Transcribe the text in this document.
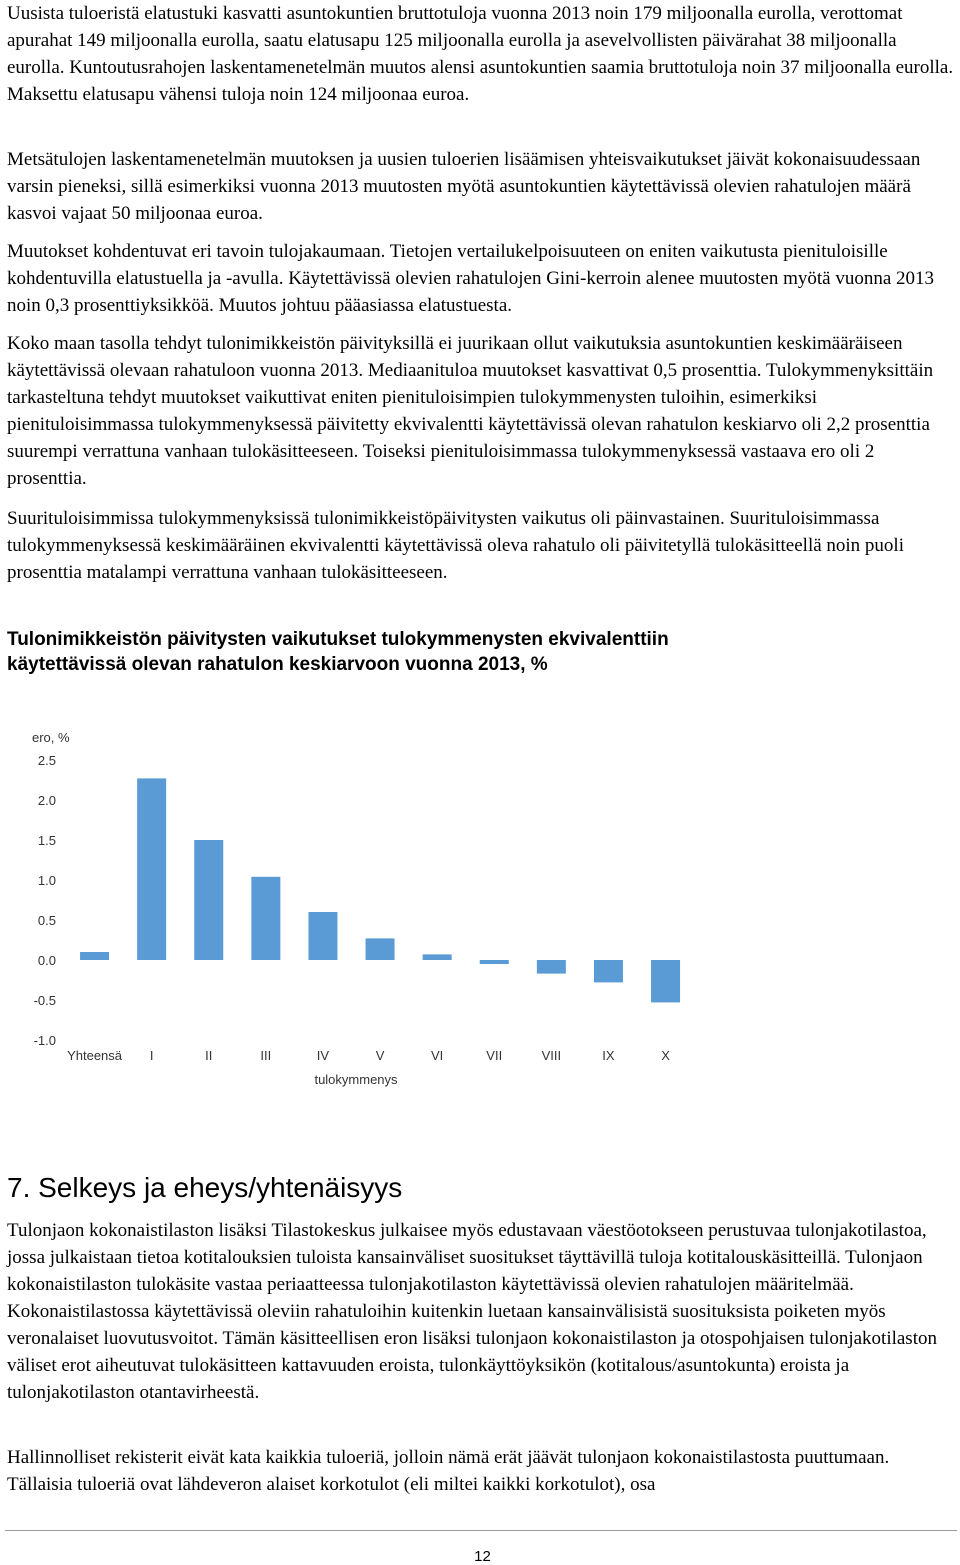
Uusista tuloeristä elatustuki kasvatti asuntokuntien bruttotuloja vuonna 2013 noin 179 miljoonalla eurolla, verottomat apurahat 149 miljoonalla eurolla, saatu elatusapu 125 miljoonalla eurolla ja asevelvollisten päivärahat 38 miljoonalla eurolla. Kuntoutusrahojen laskentamenetelmän muutos alensi asuntokuntien saamia bruttotuloja noin 37 miljoonalla eurolla. Maksettu elatusapu vähensi tuloja noin 124 miljoonaa euroa.

Metsätulojen laskentamenetelmän muutoksen ja uusien tuloerien lisäämisen yhteisvaikutukset jäivät kokonaisuudessaan varsin pieneksi, sillä esimerkiksi vuonna 2013 muutosten myötä asuntokuntien käytettävissä olevien rahatulojen määrä kasvoi vajaat 50 miljoonaa euroa.

Muutokset kohdentuvat eri tavoin tulojakaumaan. Tietojen vertailukelpoisuuteen on eniten vaikutusta pienituloisille kohdentuvilla elatustuella ja -avulla. Käytettävissä olevien rahatulojen Gini-kerroin alenee muutosten myötä vuonna 2013 noin 0,3 prosenttiyksikköä. Muutos johtuu pääasiassa elatustuesta.

Koko maan tasolla tehdyt tulonimikkeistön päivityksillä ei juurikaan ollut vaikutuksia asuntokuntien keskimääräiseen käytettävissä olevaan rahatuloon vuonna 2013. Mediaanituloa muutokset kasvattivat 0,5 prosenttia. Tulokymmenyksittäin tarkasteltuna tehdyt muutokset vaikuttivat eniten pienituloisimpien tulokymmenysten tuloihin, esimerkiksi pienituloisimmassa tulokymmenyksessä päivitetty ekvivalentti käytettävissä olevan rahatulon keskiarvo oli 2,2 prosenttia suurempi verrattuna vanhaan tulokäsitteeseen. Toiseksi pienituloisimmassa tulokymmenyksessä vastaava ero oli 2 prosenttia.

Suurituloisimmissa tulokymmenyksissä tulonimikkeistöpäivitysten vaikutus oli päinvastainen. Suurituloisimmassa tulokymmenyksessä keskimääräinen ekvivalentti käytettävissä oleva rahatulo oli päivitetyllä tulokäsitteellä noin puoli prosenttia matalampi verrattuna vanhaan tulokäsitteeseen.

Tulonimikkeistön päivitysten vaikutukset tulokymmenysten ekvivalenttiin käytettävissä olevan rahatulon keskiarvoon vuonna 2013, %
ero, %
2.5
2.0
1.5
1.0
0.5
0.0
-0.5
-1.0
Yhteensä I	II	III	IV	V	VI	VII	VIII	IX	X
tulokymmenys
7. Selkeys ja eheys/yhtenäisyys

Tulonjaon kokonaistilaston lisäksi Tilastokeskus julkaisee myös edustavaan väestöotokseen perustuvaa tulonjakotilastoa, jossa julkaistaan tietoa kotitalouksien tuloista kansainväliset suositukset täyttävillä tuloja kotitalouskäsitteillä. Tulonjaon kokonaistilaston tulokäsite vastaa periaatteessa tulonjakotilaston käytettävissä olevien rahatulojen määritelmää. Kokonaistilastossa käytettävissä oleviin rahatuloihin kuitenkin luetaan kansainvälisistä suosituksista poiketen myös veronalaiset luovutusvoitot. Tämän käsitteellisen eron lisäksi tulonjaon kokonaistilaston ja otospohjaisen tulonjakotilaston väliset erot aiheutuvat tulokäsitteen kattavuuden eroista, tulonkäyttöyksikön (kotitalous/asuntokunta) eroista ja tulonjakotilaston otantavirheestä.

Hallinnolliset rekisterit eivät kata kaikkia tuloeriä, jolloin nämä erät jäävät tulonjaon kokonaistilastosta puuttumaan. Tällaisia tuloeriä ovat lähdeveron alaiset korkotulot (eli miltei kaikki korkotulot), osa

12
